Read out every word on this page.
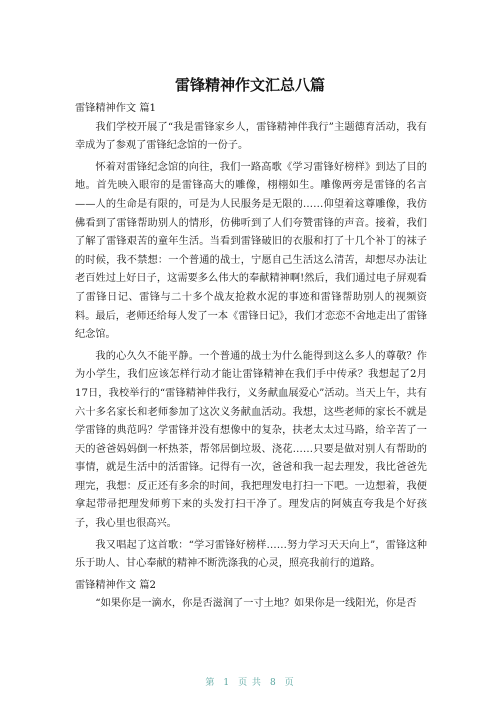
雷锋精神作文汇总八篇
雷锋精神作文 篇1

我们学校开展了“我是雷锋家乡人，雷锋精神伴我行”主题德育活动，我有幸成为了参观了雷锋纪念馆的一份子。

怀着对雷锋纪念馆的向往，我们一路高歌《学习雷锋好榜样》到达了目的地。首先映入眼帘的是雷锋高大的雕像，栩栩如生。雕像两旁是雷锋的名言——人的生命是有限的，可是为人民服务是无限的……仰望着这尊雕像，我仿佛看到了雷锋帮助别人的情形，仿佛听到了人们夸赞雷锋的声音。接着，我们了解了雷锋艰苦的童年生活。当看到雷锋破旧的衣服和打了十几个补丁的袜子的时候，我不禁想：一个普通的战士，宁愿自己生活这么清苦，却想尽办法让老百姓过上好日子，这需要多么伟大的奉献精神啊!然后，我们通过电子屏观看了雷锋日记、雷锋与二十多个战友抢救水泥的事迹和雷锋帮助别人的视频资料。最后，老师还给每人发了一本《雷锋日记》，我们才恋恋不舍地走出了雷锋纪念馆。

我的心久久不能平静。一个普通的战士为什么能得到这么多人的尊敬？作为小学生，我们应该怎样行动才能让雷锋精神在我们手中传承？我想起了2月17日，我校举行的“雷锋精神伴我行，义务献血展爱心”活动。当天上午，共有六十多名家长和老师参加了这次义务献血活动。我想，这些老师的家长不就是学雷锋的典范吗？学雷锋并没有想像中的复杂，扶老太太过马路，给辛苦了一天的爸爸妈妈倒一杯热茶，帮邻居倒垃圾、浇花……只要是做对别人有帮助的事情，就是生活中的活雷锋。记得有一次，爸爸和我一起去理发，我比爸爸先理完，我想：反正还有多余的时间，我把理发电打扫一下吧。一边想着，我便拿起带帚把理发师剪下来的头发打扫干净了。理发店的阿姨直夸我是个好孩子，我心里也很高兴。

我又唱起了这首歌：“学习雷锋好榜样……努力学习天天向上”，雷锋这种乐于助人、甘心奉献的精神不断洗涤我的心灵，照亮我前行的道路。

雷锋精神作文 篇2

“如果你是一滴水，你是否滋润了一寸土地？如果你是一线阳光，你是否

第 1 页 共 8 页
